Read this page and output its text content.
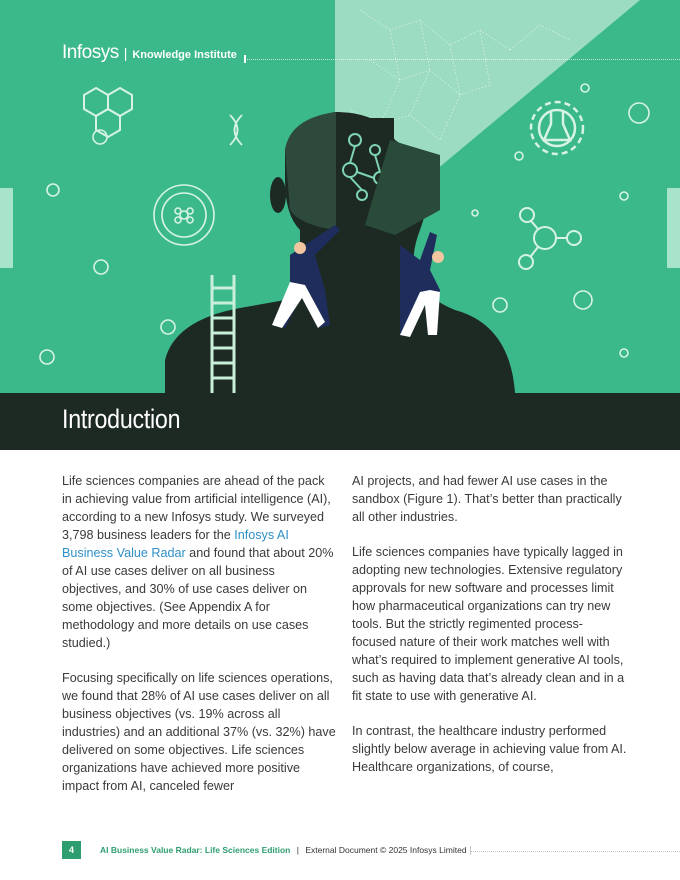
Infosys | Knowledge Institute
Introduction

Life sciences companies are ahead of the pack in achieving value from artificial intelligence (AI), according to a new Infosys study. We surveyed 3,798 business leaders for the Infosys AI Business Value Radar and found that about 20% of AI use cases deliver on all business objectives, and 30% of use cases deliver on some objectives. (See Appendix A for methodology and more details on use cases studied.)

Focusing specifically on life sciences operations, we found that 28% of AI use cases deliver on all business objectives (vs. 19% across all industries) and an additional 37% (vs. 32%) have delivered on some objectives. Life sciences organizations have achieved more positive impact from AI, canceled fewer

AI projects, and had fewer AI use cases in the sandbox (Figure 1). That’s better than practically all other industries.

Life sciences companies have typically lagged in adopting new technologies. Extensive regulatory approvals for new software and processes limit how pharmaceutical organizations can try new tools. But the strictly regimented process-focused nature of their work matches well with what’s required to implement generative AI tools, such as having data that’s already clean and in a fit state to use with generative AI.

In contrast, the healthcare industry performed slightly below average in achieving value from AI. Healthcare organizations, of course,

4	AI Business Value Radar: Life Sciences Edition | External Document © 2025 Infosys Limited
